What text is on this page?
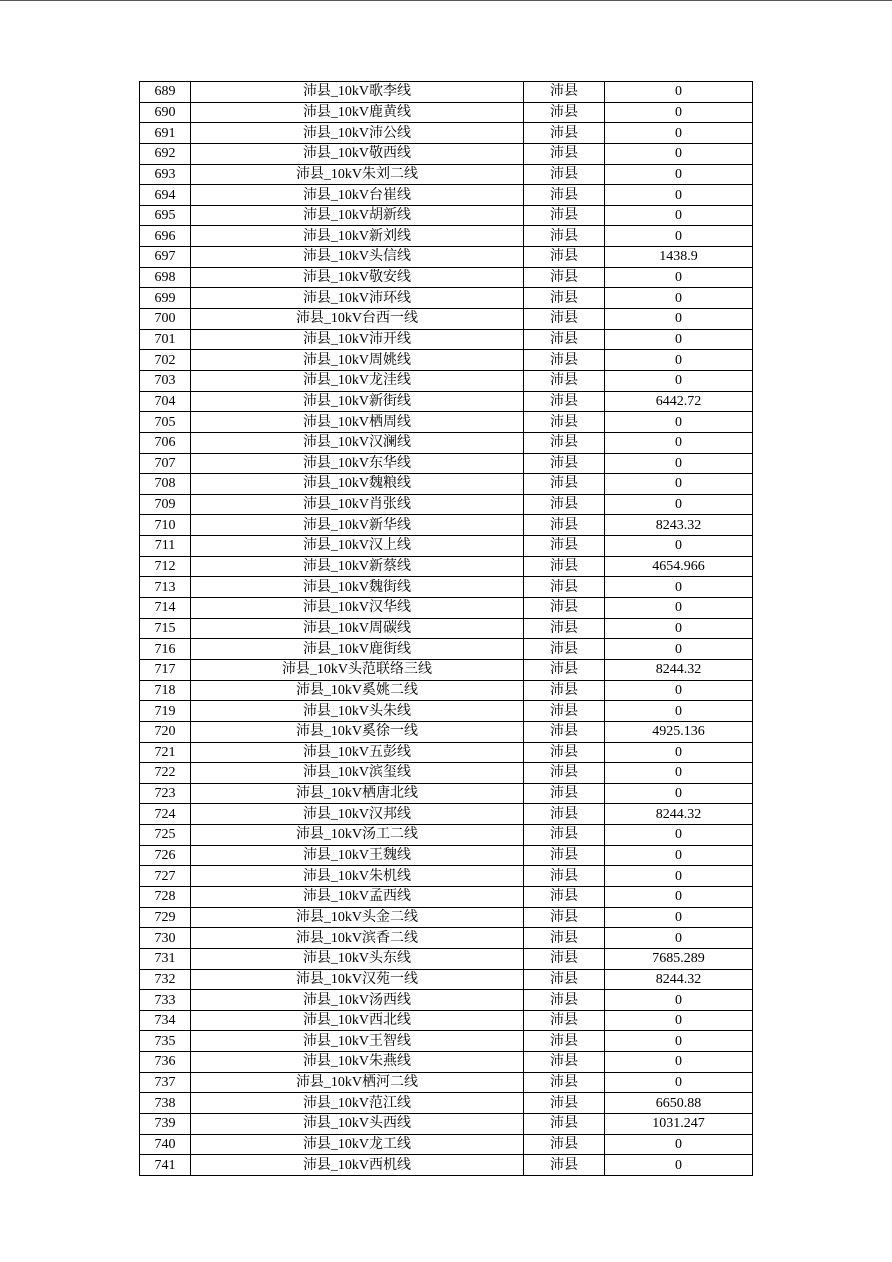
689	沛县_10kV歌李线	沛县	0
690	沛县_10kV鹿黄线	沛县	0
691	沛县_10kV沛公线	沛县	0
692	沛县_10kV敬西线	沛县	0
693	沛县_10kV朱刘二线	沛县	0
694	沛县_10kV台崔线	沛县	0
695	沛县_10kV胡新线	沛县	0
696	沛县_10kV新刘线	沛县	0
697	沛县_10kV头信线	沛县	1438.9
698	沛县_10kV敬安线	沛县	0
699	沛县_10kV沛环线	沛县	0
700	沛县_10kV台西一线	沛县	0
701	沛县_10kV沛开线	沛县	0
702	沛县_10kV周姚线	沛县	0
703	沛县_10kV龙洼线	沛县	0
704	沛县_10kV新街线	沛县	6442.72
705	沛县_10kV栖周线	沛县	0
706	沛县_10kV汉澜线	沛县	0
707	沛县_10kV东华线	沛县	0
708	沛县_10kV魏粮线	沛县	0
709	沛县_10kV肖张线	沛县	0
710	沛县_10kV新华线	沛县	8243.32
711	沛县_10kV汉上线	沛县	0
712	沛县_10kV新蔡线	沛县	4654.966
713	沛县_10kV魏街线	沛县	0
714	沛县_10kV汉华线	沛县	0
715	沛县_10kV周碳线	沛县	0
716	沛县_10kV鹿街线	沛县	0
717	沛县_10kV头范联络三线	沛县	8244.32
718	沛县_10kV奚姚二线	沛县	0
719	沛县_10kV头朱线	沛县	0
720	沛县_10kV奚徐一线	沛县	4925.136
721	沛县_10kV五彭线	沛县	0
722	沛县_10kV滨玺线	沛县	0
723	沛县_10kV栖唐北线	沛县	0
724	沛县_10kV汉邦线	沛县	8244.32
725	沛县_10kV汤工二线	沛县	0
726	沛县_10kV王魏线	沛县	0
727	沛县_10kV朱机线	沛县	0
728	沛县_10kV孟西线	沛县	0
729	沛县_10kV头金二线	沛县	0
730	沛县_10kV滨香二线	沛县	0
731	沛县_10kV头东线	沛县	7685.289
732	沛县_10kV汉苑一线	沛县	8244.32
733	沛县_10kV汤西线	沛县	0
734	沛县_10kV西北线	沛县	0
735	沛县_10kV王智线	沛县	0
736	沛县_10kV朱燕线	沛县	0
737	沛县_10kV栖河二线	沛县	0
738	沛县_10kV范江线	沛县	6650.88
739	沛县_10kV头西线	沛县	1031.247
740	沛县_10kV龙工线	沛县	0
741	沛县_10kV西机线	沛县	0
